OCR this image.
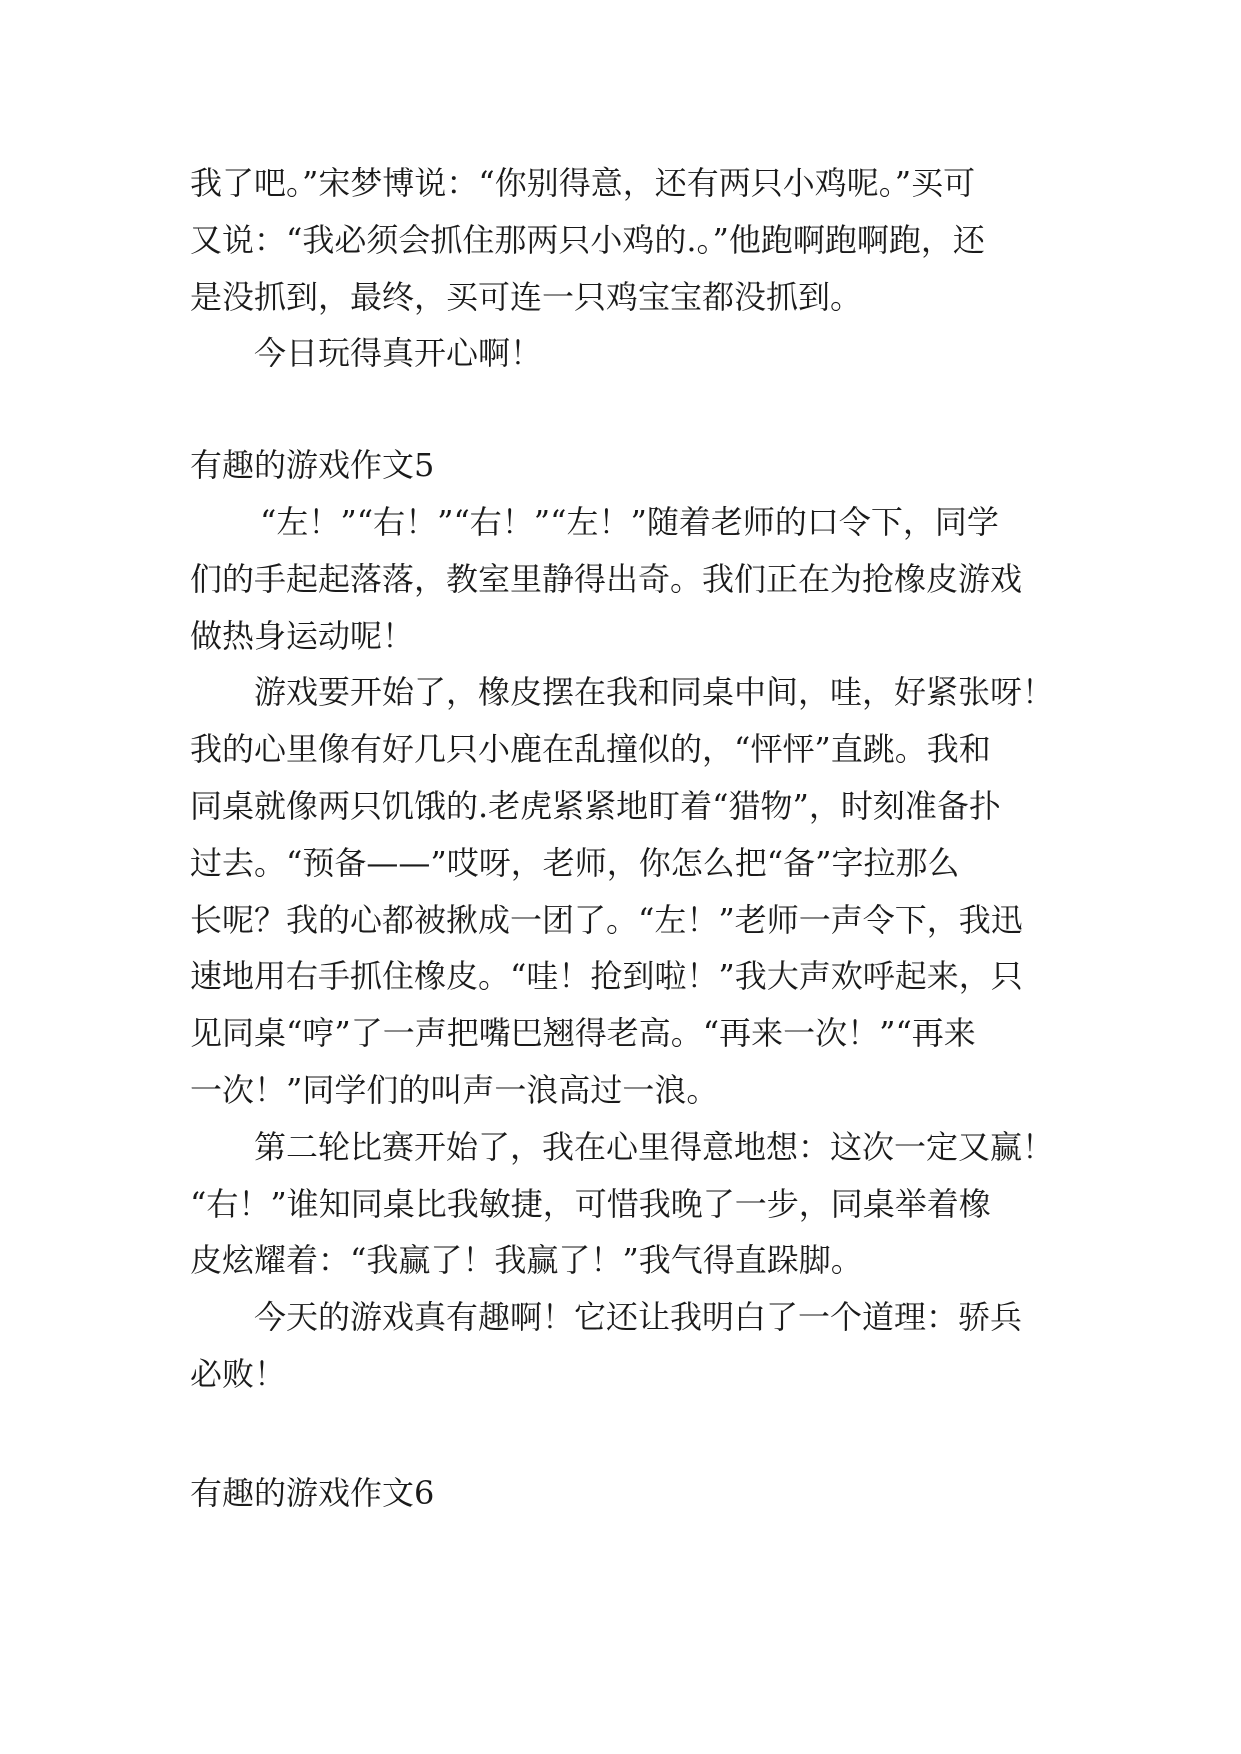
我了吧。”宋梦博说：“你别得意，还有两只小鸡呢。”买可
又说：“我必须会抓住那两只小鸡的.。”他跑啊跑啊跑，还
是没抓到，最终，买可连一只鸡宝宝都没抓到。

今日玩得真开心啊！

有趣的游戏作文5

“左！”“右！”“右！”“左！”随着老师的口令下，同学
们的手起起落落，教室里静得出奇。我们正在为抢橡皮游戏
做热身运动呢！

游戏要开始了，橡皮摆在我和同桌中间，哇，好紧张呀！
我的心里像有好几只小鹿在乱撞似的，“怦怦”直跳。我和
同桌就像两只饥饿的.老虎紧紧地盯着“猎物”，时刻准备扑
过去。“预备——”哎呀，老师，你怎么把“备”字拉那么
长呢？我的心都被揪成一团了。“左！”老师一声令下，我迅
速地用右手抓住橡皮。“哇！抢到啦！”我大声欢呼起来，只
见同桌“哼”了一声把嘴巴翘得老高。“再来一次！”“再来
一次！”同学们的叫声一浪高过一浪。

第二轮比赛开始了，我在心里得意地想：这次一定又赢！
“右！”谁知同桌比我敏捷，可惜我晚了一步，同桌举着橡
皮炫耀着：“我赢了！我赢了！”我气得直跺脚。

今天的游戏真有趣啊！它还让我明白了一个道理：骄兵
必败！

有趣的游戏作文6
